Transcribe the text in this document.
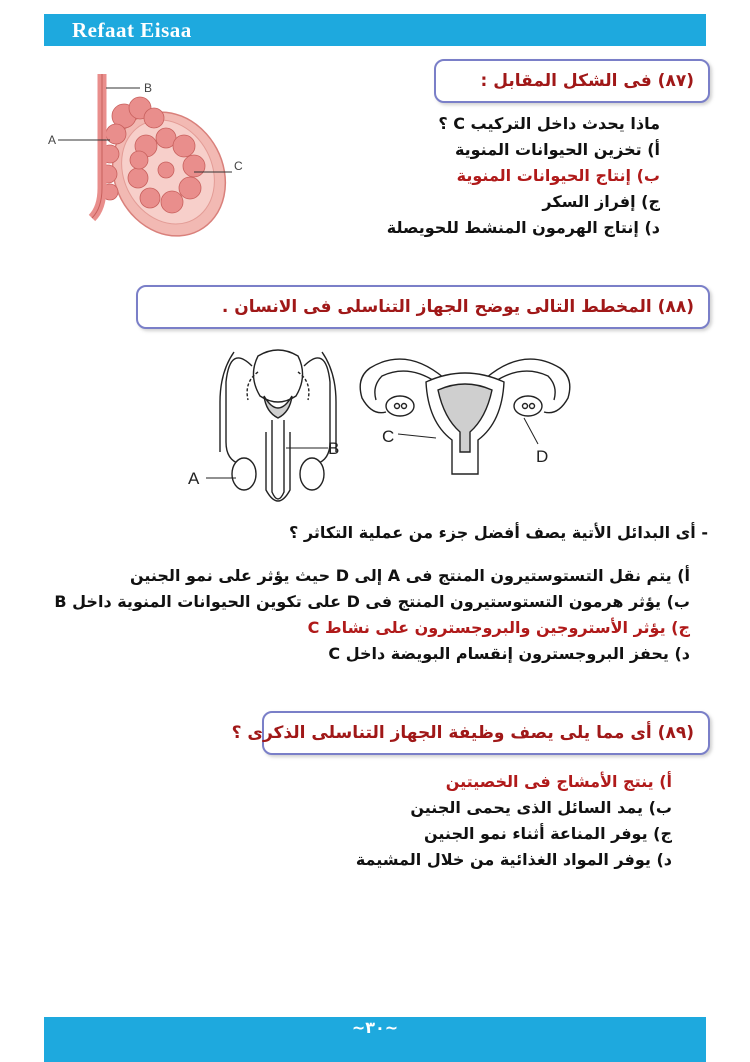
Refaat Eisaa
(٨٧) فى الشكل المقابل :
B
A
C
ماذا يحدث داخل التركيب C ؟
أ) تخزين الحيوانات المنوية
ب) إنتاج الحيوانات المنوية
ج) إفراز السكر
د) إنتاج الهرمون المنشط للحويصلة
(٨٨) المخطط التالى يوضح الجهاز التناسلى فى الانسان .
A
B
C
D
- أى البدائل الأتية يصف أفضل جزء من عملية التكاثر ؟
أ) يتم نقل التستوستيرون المنتج فى A إلى D حيث يؤثر على نمو الجنين
ب) يؤثر هرمون التستوستيرون المنتج فى D على تكوين الحيوانات المنوية داخل B
ج) يؤثر الأستروجين والبروجسترون على نشاط C
د) يحفز البروجسترون إنقسام البويضة داخل C
(٨٩) أى مما يلى يصف وظيفة الجهاز التناسلى الذكرى ؟
أ) ينتج الأمشاج فى الخصيتين
ب) يمد السائل الذى يحمى الجنين
ج) يوفر المناعة أثناء نمو الجنين
د) يوفر المواد الغذائية من خلال المشيمة
~٣٠~
